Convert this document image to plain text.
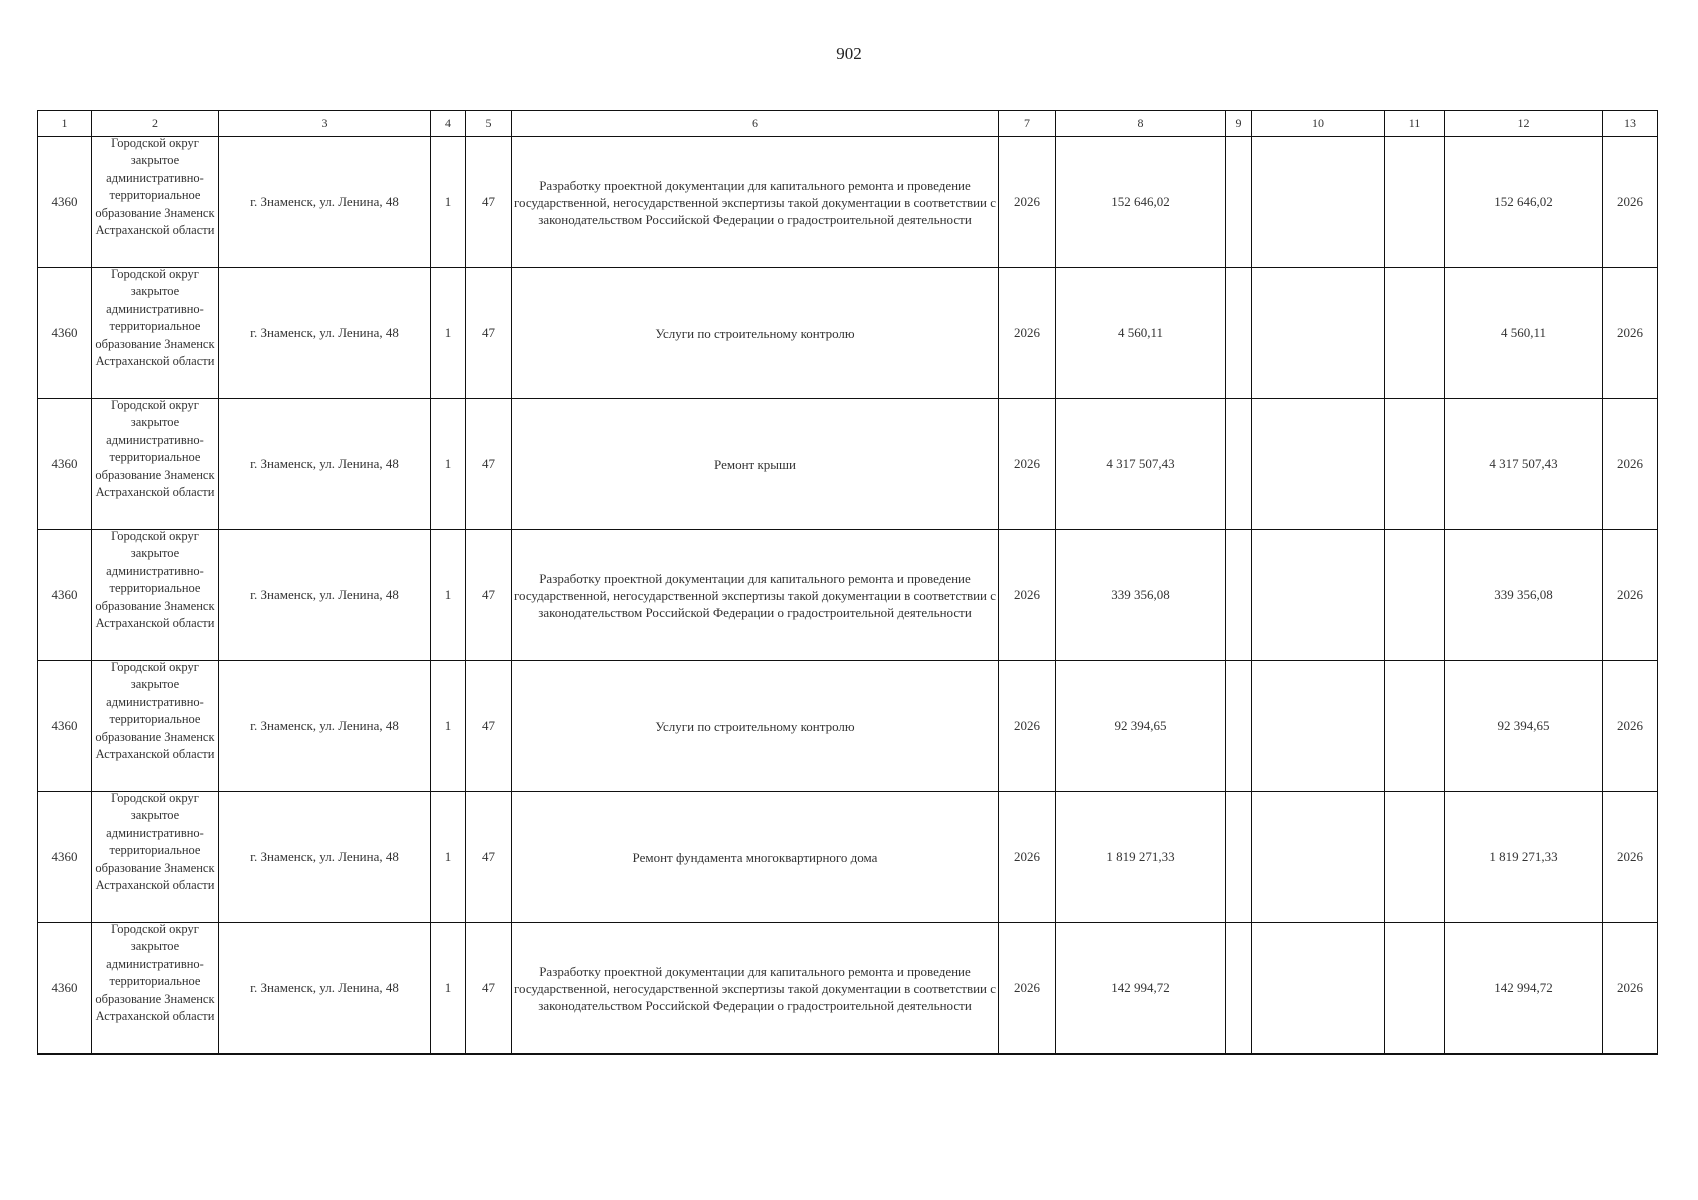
902
1	2	3	4	5	6	7	8	9	10	11	12	13
4360	Городской округ закрытое административно-территориальное образование Знаменск Астраханской области	г. Знаменск, ул. Ленина, 48	1	47	Разработку проектной документации для капитального ремонта и проведение государственной, негосударственной экспертизы такой документации в соответствии с законодательством Российской Федерации о градостроительной деятельности	2026	152 646,02				152 646,02	2026
4360	Городской округ закрытое административно-территориальное образование Знаменск Астраханской области	г. Знаменск, ул. Ленина, 48	1	47	Услуги по строительному контролю	2026	4 560,11				4 560,11	2026
4360	Городской округ закрытое административно-территориальное образование Знаменск Астраханской области	г. Знаменск, ул. Ленина, 48	1	47	Ремонт крыши	2026	4 317 507,43				4 317 507,43	2026
4360	Городской округ закрытое административно-территориальное образование Знаменск Астраханской области	г. Знаменск, ул. Ленина, 48	1	47	Разработку проектной документации для капитального ремонта и проведение государственной, негосударственной экспертизы такой документации в соответствии с законодательством Российской Федерации о градостроительной деятельности	2026	339 356,08				339 356,08	2026
4360	Городской округ закрытое административно-территориальное образование Знаменск Астраханской области	г. Знаменск, ул. Ленина, 48	1	47	Услуги по строительному контролю	2026	92 394,65				92 394,65	2026
4360	Городской округ закрытое административно-территориальное образование Знаменск Астраханской области	г. Знаменск, ул. Ленина, 48	1	47	Ремонт фундамента многоквартирного дома	2026	1 819 271,33				1 819 271,33	2026
4360	Городской округ закрытое административно-территориальное образование Знаменск Астраханской области	г. Знаменск, ул. Ленина, 48	1	47	Разработку проектной документации для капитального ремонта и проведение государственной, негосударственной экспертизы такой документации в соответствии с законодательством Российской Федерации о градостроительной деятельности	2026	142 994,72				142 994,72	2026
